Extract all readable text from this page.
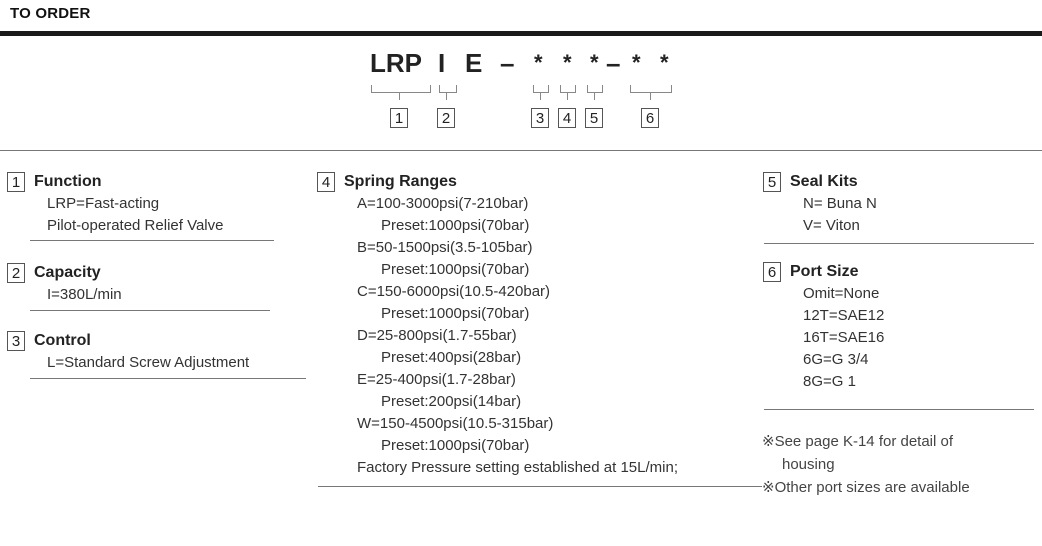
TO ORDER
LRP I E – * * * – * *
1	2	3	4	5	6
1 Function
LRP=Fast-acting
Pilot-operated Relief Valve
2 Capacity
I=380L/min
3 Control
L=Standard Screw Adjustment
4 Spring Ranges
A=100-3000psi(7-210bar)
Preset:1000psi(70bar)
B=50-1500psi(3.5-105bar)
Preset:1000psi(70bar)
C=150-6000psi(10.5-420bar)
Preset:1000psi(70bar)
D=25-800psi(1.7-55bar)
Preset:400psi(28bar)
E=25-400psi(1.7-28bar)
Preset:200psi(14bar)
W=150-4500psi(10.5-315bar)
Preset:1000psi(70bar)
Factory Pressure setting established at 15L/min;
5 Seal Kits
N= Buna N
V= Viton
6 Port Size
Omit=None
12T=SAE12
16T=SAE16
6G=G 3/4
8G=G 1
※See page K-14 for detail of
housing
※Other port sizes are available
